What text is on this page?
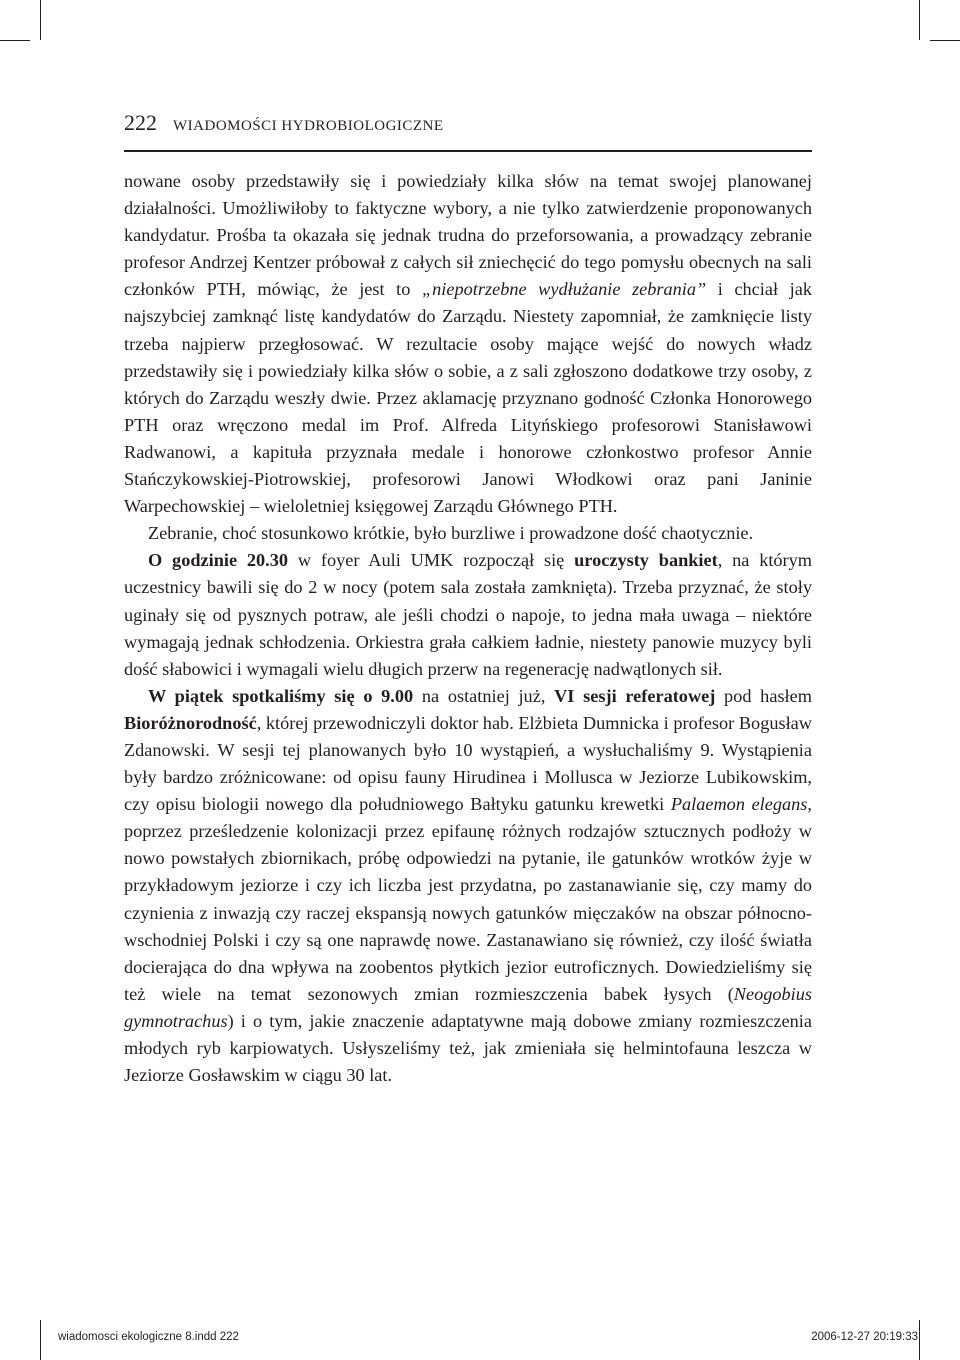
222 WIADOMOŚCI HYDROBIOLOGICZNE

nowane osoby przedstawiły się i powiedziały kilka słów na temat swojej planowanej działalności. Umożliwiłoby to faktyczne wybory, a nie tylko zatwierdzenie proponowanych kandydatur. Prośba ta okazała się jednak trudna do przeforsowania, a prowadzący zebranie profesor Andrzej Kentzer próbował z całych sił zniechęcić do tego pomysłu obecnych na sali członków PTH, mówiąc, że jest to „niepotrzebne wydłużanie zebrania” i chciał jak najszybciej zamknąć listę kandydatów do Zarządu. Niestety zapomniał, że zamknięcie listy trzeba najpierw przegłosować. W rezultacie osoby mające wejść do nowych władz przedstawiły się i powiedziały kilka słów o sobie, a z sali zgłoszono dodatkowe trzy osoby, z których do Zarządu weszły dwie. Przez aklamację przyznano godność Członka Honorowego PTH oraz wręczono medal im Prof. Alfreda Lityńskiego profesorowi Stanisławowi Radwanowi, a kapituła przyznała medale i honorowe członkostwo profesor Annie Stańczykowskiej-Piotrowskiej, profesorowi Janowi Włodkowi oraz pani Janinie Warpechowskiej – wieloletniej księgowej Zarządu Głównego PTH.

Zebranie, choć stosunkowo krótkie, było burzliwe i prowadzone dość chaotycznie.

O godzinie 20.30 w foyer Auli UMK rozpoczął się uroczysty bankiet, na którym uczestnicy bawili się do 2 w nocy (potem sala została zamknięta). Trzeba przyznać, że stoły uginały się od pysznych potraw, ale jeśli chodzi o napoje, to jedna mała uwaga – niektóre wymagają jednak schłodzenia. Orkiestra grała całkiem ładnie, niestety panowie muzycy byli dość słabowici i wymagali wielu długich przerw na regenerację nadwątlonych sił.

W piątek spotkaliśmy się o 9.00 na ostatniej już, VI sesji referatowej pod hasłem Bioróżnorodność, której przewodniczyli doktor hab. Elżbieta Dumnicka i profesor Bogusław Zdanowski. W sesji tej planowanych było 10 wystąpień, a wysłuchaliśmy 9. Wystąpienia były bardzo zróżnicowane: od opisu fauny Hirudinea i Mollusca w Jeziorze Lubikowskim, czy opisu biologii nowego dla południowego Bałtyku gatunku krewetki Palaemon elegans, poprzez prześledzenie kolonizacji przez epifaunę różnych rodzajów sztucznych podłoży w nowo powstałych zbiornikach, próbę odpowiedzi na pytanie, ile gatunków wrotków żyje w przykładowym jeziorze i czy ich liczba jest przydatna, po zastanawianie się, czy mamy do czynienia z inwazją czy raczej ekspansją nowych gatunków mięczaków na obszar północno-wschodniej Polski i czy są one naprawdę nowe. Zastanawiano się również, czy ilość światła docierająca do dna wpływa na zoobentos płytkich jezior eutroficznych. Dowiedzieliśmy się też wiele na temat sezonowych zmian rozmieszczenia babek łysych (Neogobius gymnotrachus) i o tym, jakie znaczenie adaptatywne mają dobowe zmiany rozmieszczenia młodych ryb karpiowatych. Usłyszeliśmy też, jak zmieniała się helmintofauna leszcza w Jeziorze Gosławskim w ciągu 30 lat.

wiadomosci ekologiczne 8.indd 222	2006-12-27 20:19:33
